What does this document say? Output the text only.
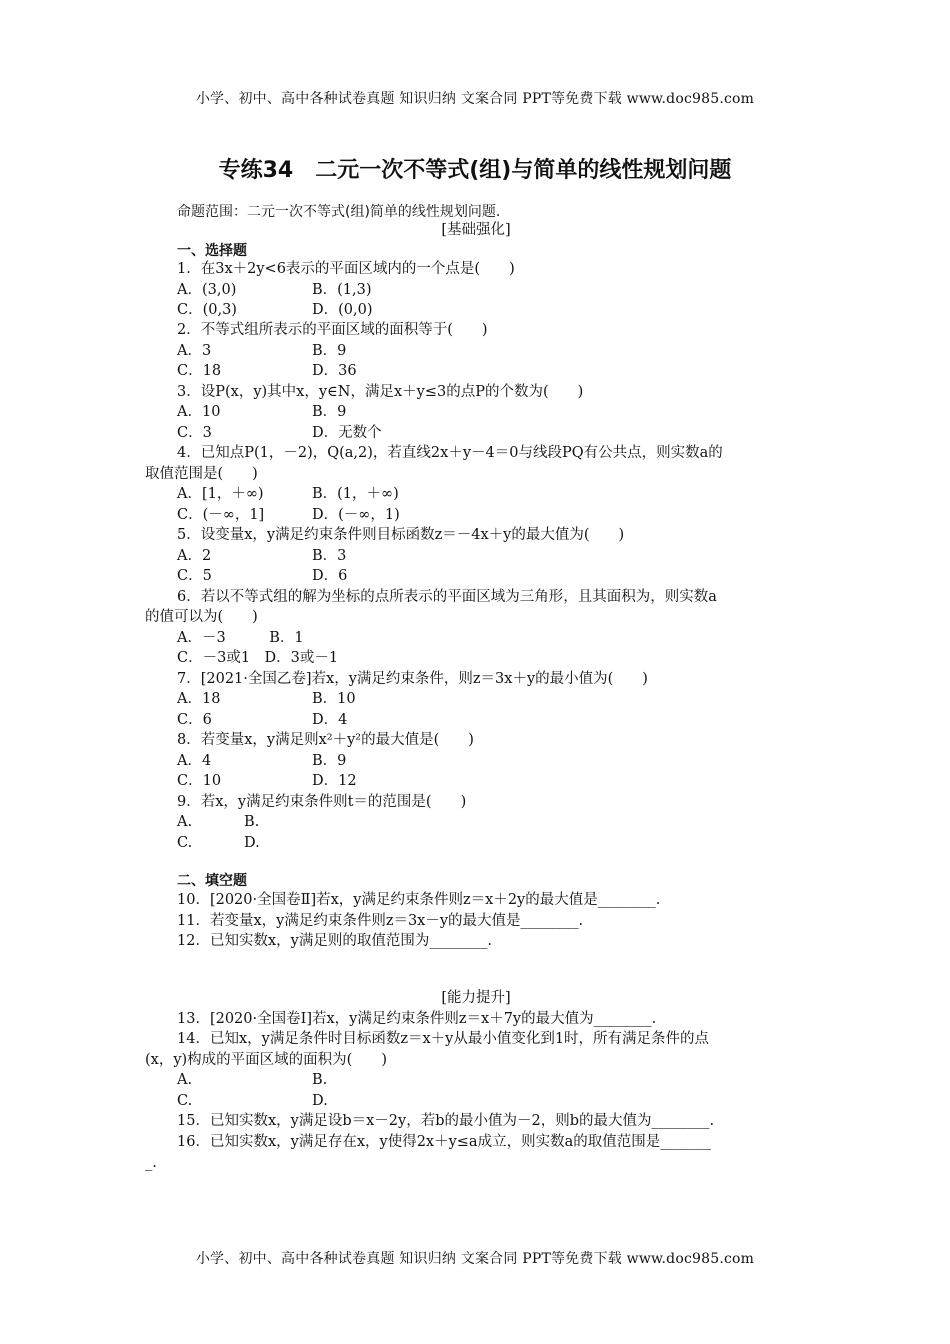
小学、初中、高中各种试卷真题 知识归纳 文案合同 PPT等免费下载 www.doc985.com
专练34　二元一次不等式(组)与简单的线性规划问题
命题范围：二元一次不等式(组)简单的线性规划问题.
[基础强化]
一、选择题
1．在3x＋2y<6表示的平面区域内的一个点是(　　)
A．(3,0)	B．(1,3)
C．(0,3)	D．(0,0)
2．不等式组所表示的平面区域的面积等于(　　)
A．3	B．9
C．18	D．36
3．设P(x，y)其中x，y∈N，满足x＋y≤3的点P的个数为(　　)
A．10	B．9
C．3	D．无数个
4．已知点P(1，－2)，Q(a,2)，若直线2x＋y－4＝0与线段PQ有公共点，则实数a的
取值范围是(　　)
A．[1，＋∞)	B．(1，＋∞)
C．(－∞，1]	D．(－∞，1)
5．设变量x，y满足约束条件则目标函数z＝－4x＋y的最大值为(　　)
A．2	B．3
C．5	D．6
6．若以不等式组的解为坐标的点所表示的平面区域为三角形，且其面积为，则实数a
的值可以为(　　)
A．－3　　　B．1
C．－3或1　D．3或－1
7．[2021·全国乙卷]若x，y满足约束条件，则z＝3x＋y的最小值为(　　)
A．18	B．10
C．6	D．4
8．若变量x，y满足则x²＋y²的最大值是(　　)
A．4	B．9
C．10	D．12
9．若x，y满足约束条件则t＝的范围是(　　)
A.	B.
C.	D.
二、填空题
10．[2020·全国卷Ⅱ]若x，y满足约束条件则z＝x＋2y的最大值是________.
11．若变量x，y满足约束条件则z＝3x－y的最大值是________.
12．已知实数x，y满足则的取值范围为________.
[能力提升]
13．[2020·全国卷Ⅰ]若x，y满足约束条件则z＝x＋7y的最大值为________.
14．已知x，y满足条件时目标函数z＝x＋y从最小值变化到1时，所有满足条件的点
(x，y)构成的平面区域的面积为(　　)
A.	B.
C.	D.
15．已知实数x，y满足设b＝x－2y，若b的最小值为－2，则b的最大值为________.
16．已知实数x，y满足存在x，y使得2x＋y≤a成立，则实数a的取值范围是_______
_.
小学、初中、高中各种试卷真题 知识归纳 文案合同 PPT等免费下载 www.doc985.com
